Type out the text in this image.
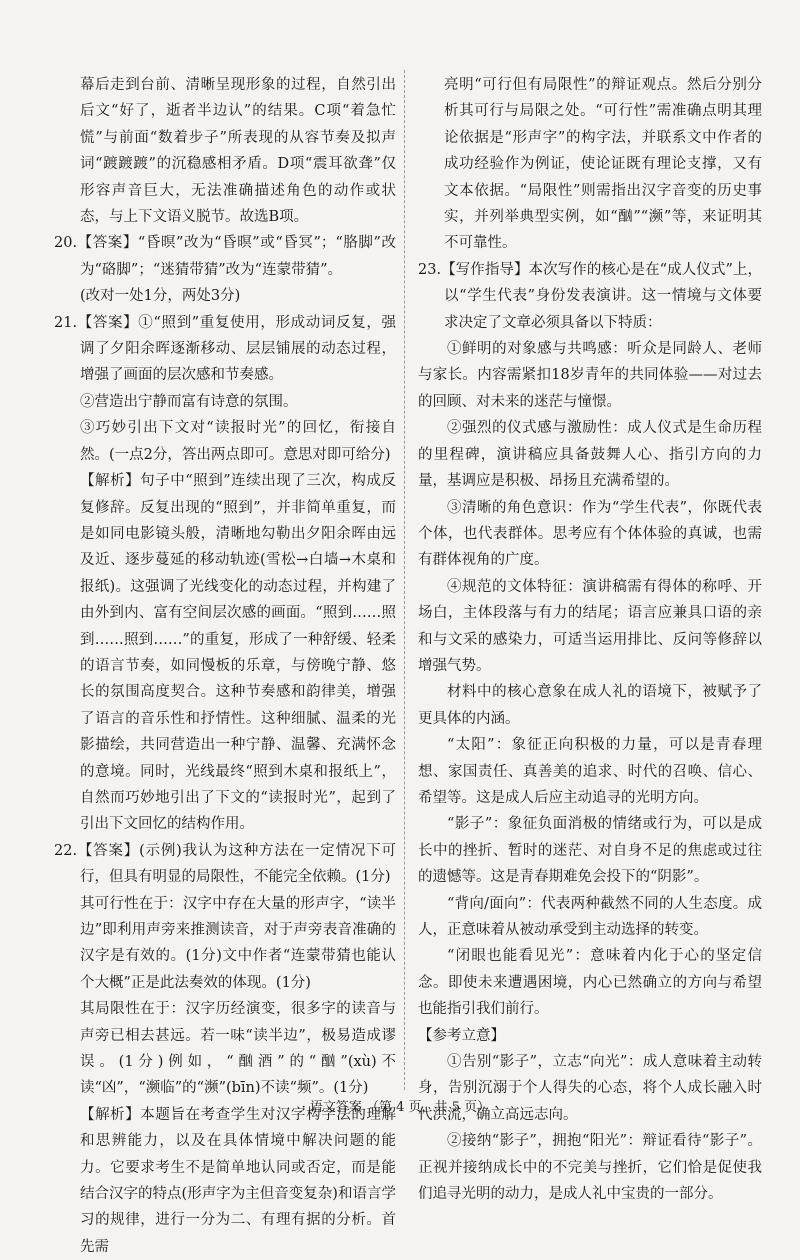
幕后走到台前、清晰呈现形象的过程，自然引出后文“好了，逝者半边认”的结果。C项“着急忙慌”与前面“数着步子”所表现的从容节奏及拟声词“踱踱踱”的沉稳感相矛盾。D项“震耳欲聋”仅形容声音巨大，无法准确描述角色的动作或状态，与上下文语义脱节。故选B项。

20.【答案】“昏暝”改为“昏暝”或“昏冥”；“胳脚”改为“硌脚”；“迷猜带猜”改为“连蒙带猜”。

(改对一处1分，两处3分)

21.【答案】①“照到”重复使用，形成动词反复，强调了夕阳余晖逐渐移动、层层铺展的动态过程，增强了画面的层次感和节奏感。

②营造出宁静而富有诗意的氛围。

③巧妙引出下文对“读报时光”的回忆，衔接自然。(一点2分，答出两点即可。意思对即可给分)

【解析】句子中“照到”连续出现了三次，构成反复修辞。反复出现的“照到”，并非简单重复，而是如同电影镜头般，清晰地勾勒出夕阳余晖由远及近、逐步蔓延的移动轨迹(雪松→白墙→木桌和报纸)。这强调了光线变化的动态过程，并构建了由外到内、富有空间层次感的画面。“照到……照到……照到……”的重复，形成了一种舒缓、轻柔的语言节奏，如同慢板的乐章，与傍晚宁静、悠长的氛围高度契合。这种节奏感和韵律美，增强了语言的音乐性和抒情性。这种细腻、温柔的光影描绘，共同营造出一种宁静、温馨、充满怀念的意境。同时，光线最终“照到木桌和报纸上”，自然而巧妙地引出了下文的“读报时光”，起到了引出下文回忆的结构作用。

22.【答案】(示例)我认为这种方法在一定情况下可行，但具有明显的局限性，不能完全依赖。(1分)

其可行性在于：汉字中存在大量的形声字，“读半边”即利用声旁来推测读音，对于声旁表音准确的汉字是有效的。(1分)文中作者“连蒙带猜也能认个大概”正是此法奏效的体现。(1分)

其局限性在于：汉字历经演变，很多字的读音与声旁已相去甚远。若一味“读半边”，极易造成谬误。(1分)例如，“酗酒”的“酗”(xù)不读“凶”，“濒临”的“濒”(bīn)不读“频”。(1分)

【解析】本题旨在考查学生对汉字构字法的理解和思辨能力，以及在具体情境中解决问题的能力。它要求考生不是简单地认同或否定，而是能结合汉字的特点(形声字为主但音变复杂)和语言学习的规律，进行一分为二、有理有据的分析。首先需

亮明“可行但有局限性”的辩证观点。然后分别分析其可行与局限之处。“可行性”需准确点明其理论依据是“形声字”的构字法，并联系文中作者的成功经验作为例证，使论证既有理论支撑，又有文本依据。“局限性”则需指出汉字音变的历史事实，并列举典型实例，如“酗”“濒”等，来证明其不可靠性。

23.【写作指导】本次写作的核心是在“成人仪式”上，以“学生代表”身份发表演讲。这一情境与文体要求决定了文章必须具备以下特质：

①鲜明的对象感与共鸣感：听众是同龄人、老师与家长。内容需紧扣18岁青年的共同体验——对过去的回顾、对未来的迷茫与憧憬。

②强烈的仪式感与激励性：成人仪式是生命历程的里程碑，演讲稿应具备鼓舞人心、指引方向的力量，基调应是积极、昂扬且充满希望的。

③清晰的角色意识：作为“学生代表”，你既代表个体，也代表群体。思考应有个体体验的真诚，也需有群体视角的广度。

④规范的文体特征：演讲稿需有得体的称呼、开场白，主体段落与有力的结尾；语言应兼具口语的亲和与文采的感染力，可适当运用排比、反问等修辞以增强气势。

材料中的核心意象在成人礼的语境下，被赋予了更具体的内涵。

“太阳”：象征正向积极的力量，可以是青春理想、家国责任、真善美的追求、时代的召唤、信心、希望等。这是成人后应主动追寻的光明方向。

“影子”：象征负面消极的情绪或行为，可以是成长中的挫折、暂时的迷茫、对自身不足的焦虑或过往的遗憾等。这是青春期难免会投下的“阴影”。

“背向/面向”：代表两种截然不同的人生态度。成人，正意味着从被动承受到主动选择的转变。

“闭眼也能看见光”：意味着内化于心的坚定信念。即使未来遭遇困境，内心已然确立的方向与希望也能指引我们前行。

【参考立意】

①告别“影子”，立志“向光”：成人意味着主动转身，告别沉溺于个人得失的心态，将个人成长融入时代洪流，确立高远志向。

②接纳“影子”，拥抱“阳光”：辩证看待“影子”。正视并接纳成长中的不完美与挫折，它们恰是促使我们追寻光明的动力，是成人礼中宝贵的一部分。

· 语文答案 （第 4 页，共 5 页） ·
